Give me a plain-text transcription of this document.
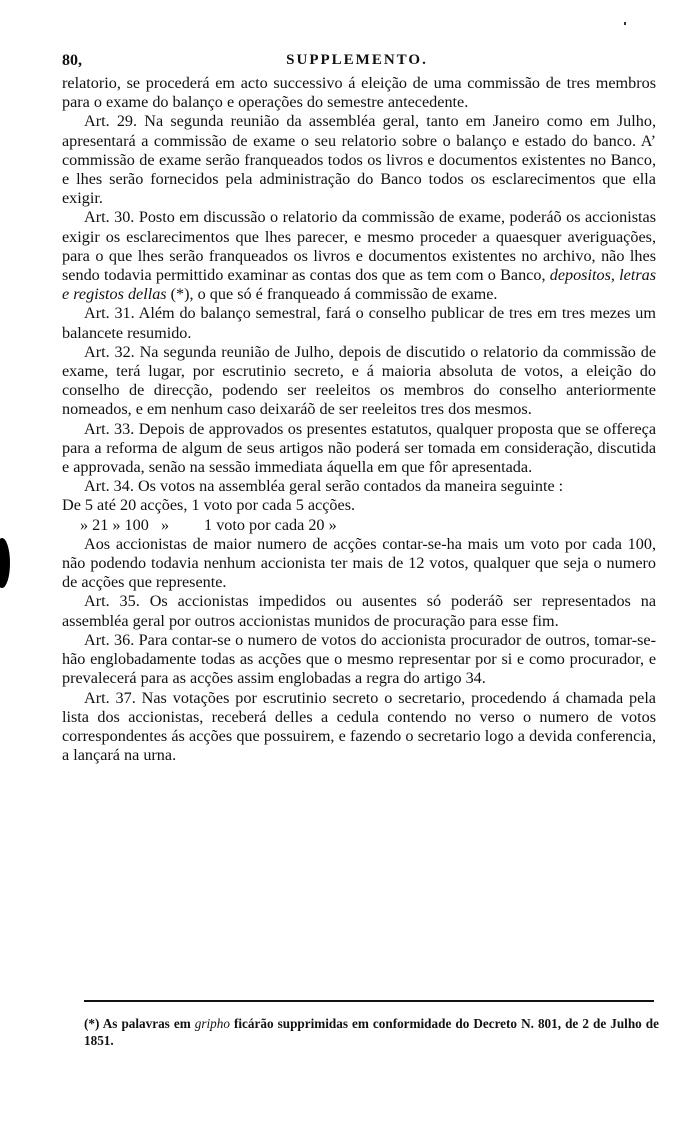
80,	SUPPLEMENTO.

relatorio, se procederá em acto successivo á eleição de uma commissão de tres membros para o exame do balanço e operações do semestre antecedente.

Art. 29. Na segunda reunião da assembléa geral, tanto em Janeiro como em Julho, apresentará a commissão de exame o seu relatorio sobre o balanço e estado do banco. A’ commissão de exame serão franqueados todos os livros e documentos existentes no Banco, e lhes serão fornecidos pela administração do Banco todos os esclarecimentos que ella exigir.

Art. 30. Posto em discussão o relatorio da commissão de exame, poderáõ os accionistas exigir os esclarecimentos que lhes parecer, e mesmo proceder a quaesquer averiguações, para o que lhes serão franqueados os livros e documentos existentes no archivo, não lhes sendo todavia permittido examinar as contas dos que as tem com o Banco, depositos, letras e registos dellas (*), o que só é franqueado á commissão de exame.

Art. 31. Além do balanço semestral, fará o conselho publicar de tres em tres mezes um balancete resumido.

Art. 32. Na segunda reunião de Julho, depois de discutido o relatorio da commissão de exame, terá lugar, por escrutinio secreto, e á maioria absoluta de votos, a eleição do conselho de direcção, podendo ser reeleitos os membros do conselho anteriormente nomeados, e em nenhum caso deixaráõ de ser reeleitos tres dos mesmos.

Art. 33. Depois de approvados os presentes estatutos, qualquer proposta que se offereça para a reforma de algum de seus artigos não poderá ser tomada em consideração, discutida e approvada, senão na sessão immediata áquella em que fôr apresentada.

Art. 34. Os votos na assembléa geral serão contados da maneira seguinte :

De 5 até 20 acções, 1 voto por cada 5 acções.
» 21 » 100   » 1 voto por cada 20 »

Aos accionistas de maior numero de acções contar-se-ha mais um voto por cada 100, não podendo todavia nenhum accionista ter mais de 12 votos, qualquer que seja o numero de acções que represente.

Art. 35. Os accionistas impedidos ou ausentes só poderáõ ser representados na assembléa geral por outros accionistas munidos de procuração para esse fim.

Art. 36. Para contar-se o numero de votos do accionista procurador de outros, tomar-se-hão englobadamente todas as acções que o mesmo representar por si e como procurador, e prevalecerá para as acções assim englobadas a regra do artigo 34.

Art. 37. Nas votações por escrutinio secreto o secretario, procedendo á chamada pela lista dos accionistas, receberá delles a cedula contendo no verso o numero de votos correspondentes ás acções que possuirem, e fazendo o secretario logo a devida conferencia, a lançará na urna.

(*) As palavras em gripho ficárão supprimidas em conformidade do Decreto N. 801, de 2 de Julho de 1851.
